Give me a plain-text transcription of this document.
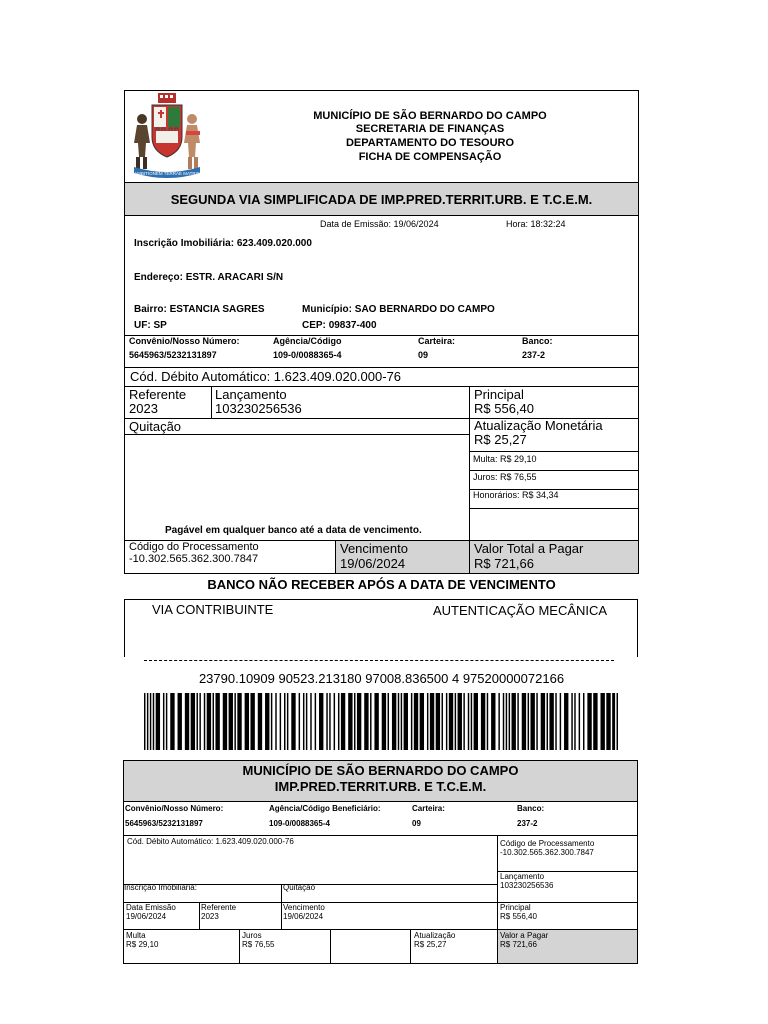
AMBITIONEM TERRAE MATRIS
MUNICÍPIO DE SÃO BERNARDO DO CAMPO
SECRETARIA DE FINANÇAS
DEPARTAMENTO DO TESOURO
FICHA DE COMPENSAÇÃO
SEGUNDA VIA SIMPLIFICADA DE IMP.PRED.TERRIT.URB. E T.C.E.M.
Data de Emissão: 19/06/2024	Hora: 18:32:24
Inscrição Imobiliária: 623.409.020.000
Endereço: ESTR. ARACARI S/N
Bairro: ESTANCIA SAGRES	Município: SAO BERNARDO DO CAMPO
UF: SP	CEP: 09837-400
Convênio/Nosso Número:
5645963/5232131897
Agência/Código
109-0/0088365-4
Carteira:
09
Banco:
237-2
Cód. Débito Automático: 1.623.409.020.000-76
Referente
2023
Lançamento
103230256536
Principal
R$ 556,40
Quitação	Atualização Monetária
R$ 25,27
Multa: R$ 29,10
Juros: R$ 76,55
Honorários: R$ 34,34
Pagável em qualquer banco até a data de vencimento.
Código do Processamento
-10.302.565.362.300.7847
Vencimento
19/06/2024
Valor Total a Pagar
R$ 721,66
BANCO NÃO RECEBER APÓS A DATA DE VENCIMENTO
VIA CONTRIBUINTE	AUTENTICAÇÃO MECÂNICA
23790.10909 90523.213180 97008.836500 4 97520000072166
MUNICÍPIO DE SÃO BERNARDO DO CAMPO
IMP.PRED.TERRIT.URB. E T.C.E.M.
Convênio/Nosso Número:
5645963/5232131897
Agência/Código Beneficiário:
109-0/0088365-4
Carteira:
09
Banco:
237-2
Cód. Débito Automático: 1.623.409.020.000-76	Código de Processamento
-10.302.565.362.300.7847
Lançamento
103230256536
Inscrição Imobiliária:	Quitação
Data Emissão
19/06/2024
Referente
2023
Vencimento
19/06/2024
Principal
R$ 556,40
Multa
R$ 29,10
Juros
R$ 76,55
Atualização
R$ 25,27
Valor a Pagar
R$ 721,66
